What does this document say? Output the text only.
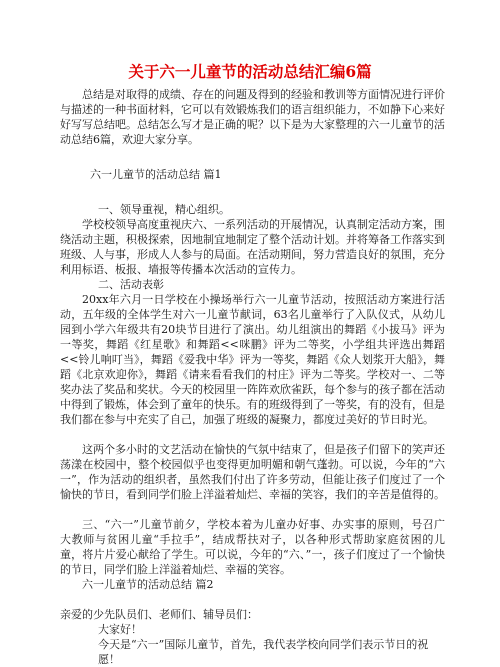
关于六一儿童节的活动总结汇编6篇

总结是对取得的成绩、存在的问题及得到的经验和教训等方面情况进行评价与描述的一种书面材料，它可以有效锻炼我们的语言组织能力，不如静下心来好好写写总结吧。总结怎么写才是正确的呢？以下是为大家整理的六一儿童节的活动总结6篇，欢迎大家分享。

六一儿童节的活动总结 篇1

一、领导重视，精心组织。

学校校领导高度重视庆六、一系列活动的开展情况，认真制定活动方案，围绕活动主题，积极探索，因地制宜地制定了整个活动计划。并将筹备工作落实到班级、人与事，形成人人参与的局面。在活动期间，努力营造良好的氛围，充分利用标语、板报、墙报等传播本次活动的宣传力。

二、活动表彰

20xx年六月一日学校在小操场举行六一儿童节活动，按照活动方案进行活动，五年级的全体学生对六一儿童节献词，63名儿童举行了入队仪式，从幼儿园到小学六年级共有20块节目进行了演出。幼儿组演出的舞蹈《小拔马》评为一等奖，舞蹈《红星歌》和舞蹈<<咪鹏》评为二等奖，小学组共评选出舞蹈<<铃儿响叮当》，舞蹈《爱我中华》评为一等奖，舞蹈《众人划浆开大船》，舞蹈《北京欢迎你》，舞蹈《请来看看我们的村庄》评为二等奖。学校对一、二等奖办法了奖品和奖状。今天的校园里一阵阵欢欣雀跃，每个参与的孩子都在活动中得到了锻炼，体会到了童年的快乐。有的班级得到了一等奖，有的没有，但是我们都在参与中充实了自己，加强了班级的凝聚力，都度过美好的节日时光。

这两个多小时的文艺活动在愉快的气氛中结束了，但是孩子们留下的笑声还荡漾在校园中，整个校园似乎也变得更加明媚和朝气蓬勃。可以说，今年的“六一”，作为活动的组织者，虽然我们付出了许多劳动，但能让孩子们度过了一个愉快的节日，看到同学们脸上洋溢着灿烂、幸福的笑容，我们的辛苦是值得的。

三、“六一”儿童节前夕，学校本着为儿童办好事、办实事的原则，号召广大教师与贫困儿童“手拉手”，结成帮扶对子，以各种形式帮助家庭贫困的儿童，将片片爱心献给了学生。可以说，今年的“六、”一，孩子们度过了一个愉快的节日，同学们脸上洋溢着灿烂、幸福的笑容。

六一儿童节的活动总结 篇2

亲爱的少先队员们、老师们、辅导员们：

大家好！

今天是“六一”国际儿童节，首先，我代表学校向同学们表示节日的祝愿！
